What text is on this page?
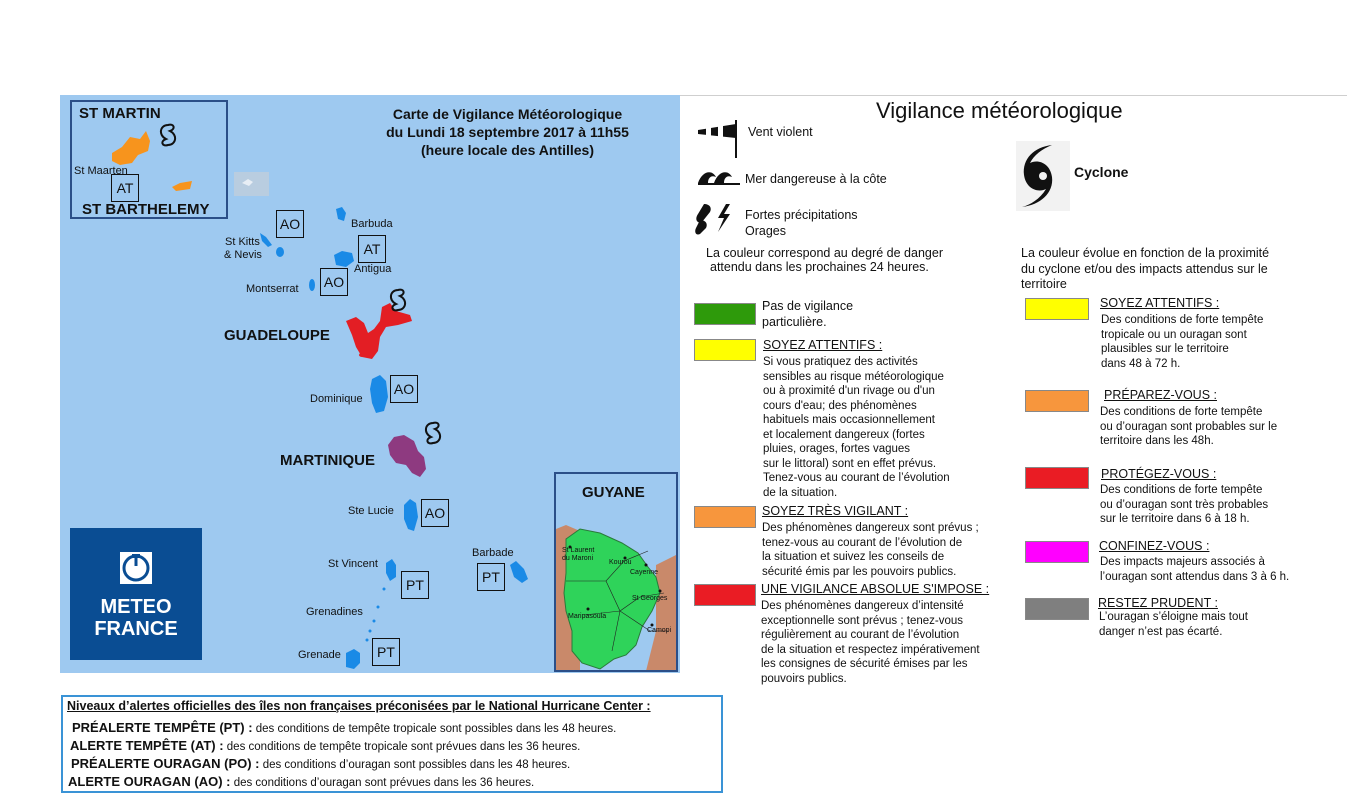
Carte de Vigilance Météorologique
du Lundi 18 septembre 2017 à 11h55
(heure locale des Antilles)
ST MARTIN
ST BARTHELEMY
St Maarten
AT
AO	Barbuda
St Kitts
& Nevis	AT
Antigua
AO
Montserrat
GUADELOUPE
AO
Dominique
MARTINIQUE
Ste Lucie AO
St Vincent
PT
Barbade
PT
Grenadines
Grenade	PT
GUYANE
St Laurent
du Maroni
Kourou
Cayenne
St Georges
Maripasoula
Camopi
METEO
FRANCE
Vigilance météorologique
Vent violent
Mer dangereuse à la côte
Fortes précipitations
Orages
Cyclone
La couleur correspond au degré de danger
attendu dans les prochaines 24 heures.
La couleur évolue en fonction de la proximité
du cyclone et/ou des impacts attendus sur le
territoire
Pas de vigilance
particulière.
SOYEZ ATTENTIFS :
Si vous pratiquez des activités
sensibles au risque météorologique
ou à proximité d'un rivage ou d'un
cours d'eau; des phénomènes
habituels mais occasionnellement
et localement dangereux (fortes
pluies, orages, fortes vagues
sur le littoral) sont en effet prévus.
Tenez-vous au courant de l’évolution
de la situation.
SOYEZ TRÈS VIGILANT :
Des phénomènes dangereux sont prévus ;
tenez-vous au courant de l’évolution de
la situation et suivez les conseils de
sécurité émis par les pouvoirs publics.
UNE VIGILANCE ABSOLUE S'IMPOSE :
Des phénomènes dangereux d’intensité
exceptionnelle sont prévus ; tenez-vous
régulièrement au courant de l’évolution
de la situation et respectez impérativement
les consignes de sécurité émises par les
pouvoirs publics.
SOYEZ ATTENTIFS :
Des conditions de forte tempête
tropicale ou un ouragan sont
plausibles sur le territoire
dans 48 à 72 h.
PRÉPAREZ-VOUS :
Des conditions de forte tempête
ou d’ouragan sont probables sur le
territoire dans les 48h.
PROTÉGEZ-VOUS :
Des conditions de forte tempête
ou d’ouragan sont très probables
sur le territoire dans 6 à 18 h.
CONFINEZ-VOUS :
Des impacts majeurs associés à
l’ouragan sont attendus dans 3 à 6 h.
RESTEZ PRUDENT :
L’ouragan s’éloigne mais tout
danger n’est pas écarté.
Niveaux d’alertes officielles des îles non françaises préconisées par le National Hurricane Center :
PRÉALERTE TEMPÊTE (PT) : des conditions de tempête tropicale sont possibles dans les 48 heures.
ALERTE TEMPÊTE (AT) : des conditions de tempête tropicale sont prévues dans les 36 heures.
PRÉALERTE OURAGAN (PO) : des conditions d’ouragan sont possibles dans les 48 heures.
ALERTE OURAGAN (AO) : des conditions d’ouragan sont prévues dans les 36 heures.
